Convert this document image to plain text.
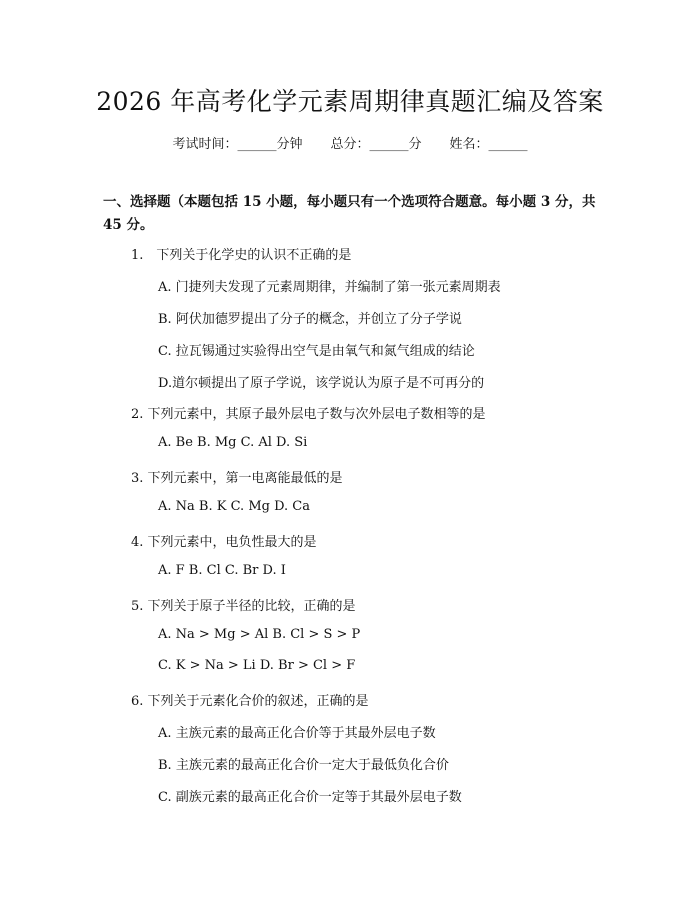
2026 年高考化学元素周期律真题汇编及答案
考试时间：______分钟 总分：______分 姓名：______
一、选择题（本题包括 15 小题，每小题只有一个选项符合题意。每小题 3 分，共
45 分。
1.　下列关于化学史的认识不正确的是
A. 门捷列夫发现了元素周期律，并编制了第一张元素周期表
B. 阿伏加德罗提出了分子的概念，并创立了分子学说
C. 拉瓦锡通过实验得出空气是由氧气和氮气组成的结论
D.道尔顿提出了原子学说，该学说认为原子是不可再分的
2. 下列元素中，其原子最外层电子数与次外层电子数相等的是
A. Be B. Mg C. Al D. Si
3. 下列元素中，第一电离能最低的是
A. Na B. K C. Mg D. Ca
4. 下列元素中，电负性最大的是
A. F B. Cl C. Br D. I
5. 下列关于原子半径的比较，正确的是
A. Na > Mg > Al B. Cl > S > P
C. K > Na > Li D. Br > Cl > F
6. 下列关于元素化合价的叙述，正确的是
A. 主族元素的最高正化合价等于其最外层电子数
B. 主族元素的最高正化合价一定大于最低负化合价
C. 副族元素的最高正化合价一定等于其最外层电子数
